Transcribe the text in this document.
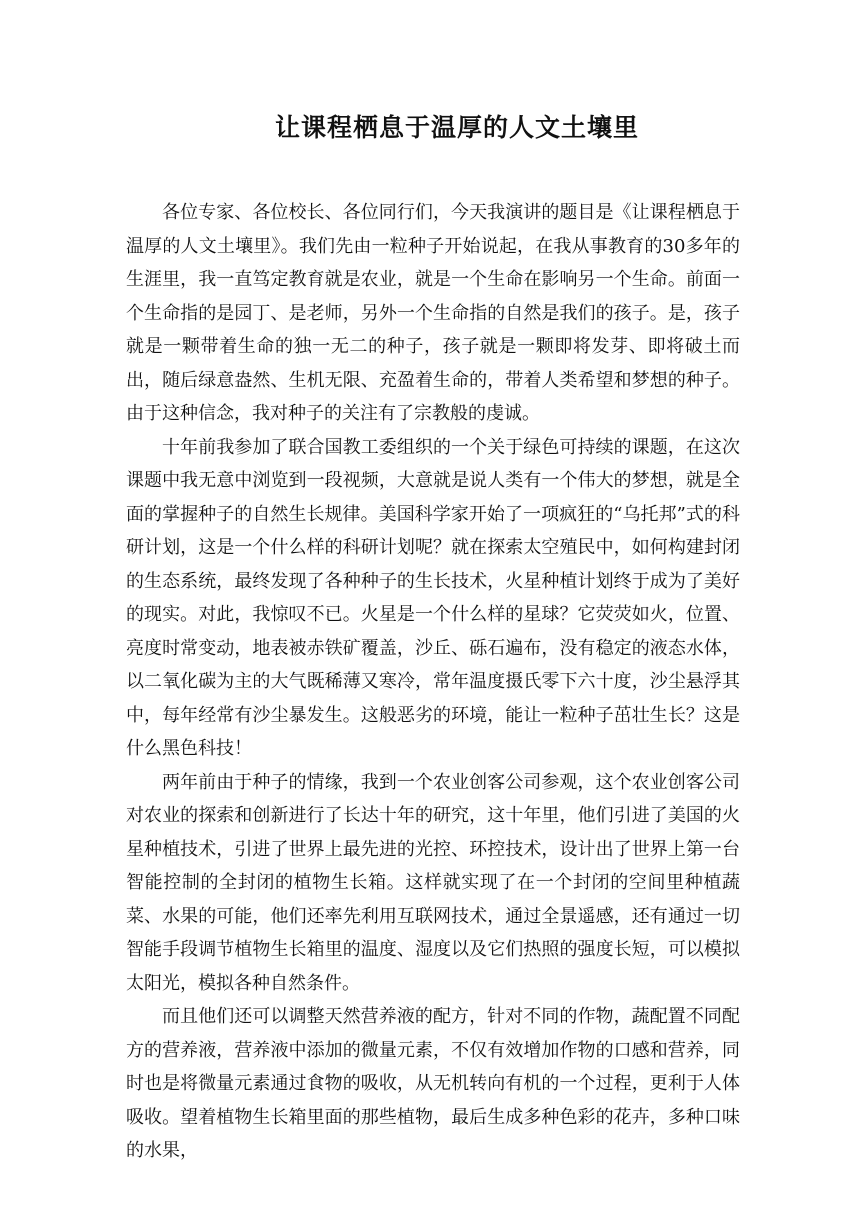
让课程栖息于温厚的人文土壤里

各位专家、各位校长、各位同行们，今天我演讲的题目是《让课程栖息于温厚的人文土壤里》。我们先由一粒种子开始说起，在我从事教育的30多年的生涯里，我一直笃定教育就是农业，就是一个生命在影响另一个生命。前面一个生命指的是园丁、是老师，另外一个生命指的自然是我们的孩子。是，孩子就是一颗带着生命的独一无二的种子，孩子就是一颗即将发芽、即将破土而出，随后绿意盎然、生机无限、充盈着生命的，带着人类希望和梦想的种子。由于这种信念，我对种子的关注有了宗教般的虔诚。

十年前我参加了联合国教工委组织的一个关于绿色可持续的课题，在这次课题中我无意中浏览到一段视频，大意就是说人类有一个伟大的梦想，就是全面的掌握种子的自然生长规律。美国科学家开始了一项疯狂的“乌托邦”式的科研计划，这是一个什么样的科研计划呢？就在探索太空殖民中，如何构建封闭的生态系统，最终发现了各种种子的生长技术，火星种植计划终于成为了美好的现实。对此，我惊叹不已。火星是一个什么样的星球？它荧荧如火，位置、亮度时常变动，地表被赤铁矿覆盖，沙丘、砾石遍布，没有稳定的液态水体，以二氧化碳为主的大气既稀薄又寒冷，常年温度摄氏零下六十度，沙尘悬浮其中，每年经常有沙尘暴发生。这般恶劣的环境，能让一粒种子茁壮生长？这是什么黑色科技！

两年前由于种子的情缘，我到一个农业创客公司参观，这个农业创客公司对农业的探索和创新进行了长达十年的研究，这十年里，他们引进了美国的火星种植技术，引进了世界上最先进的光控、环控技术，设计出了世界上第一台智能控制的全封闭的植物生长箱。这样就实现了在一个封闭的空间里种植蔬菜、水果的可能，他们还率先利用互联网技术，通过全景遥感，还有通过一切智能手段调节植物生长箱里的温度、湿度以及它们热照的强度长短，可以模拟太阳光，模拟各种自然条件。

而且他们还可以调整天然营养液的配方，针对不同的作物，蔬配置不同配方的营养液，营养液中添加的微量元素，不仅有效增加作物的口感和营养，同时也是将微量元素通过食物的吸收，从无机转向有机的一个过程，更利于人体吸收。望着植物生长箱里面的那些植物，最后生成多种色彩的花卉，多种口味的水果，
